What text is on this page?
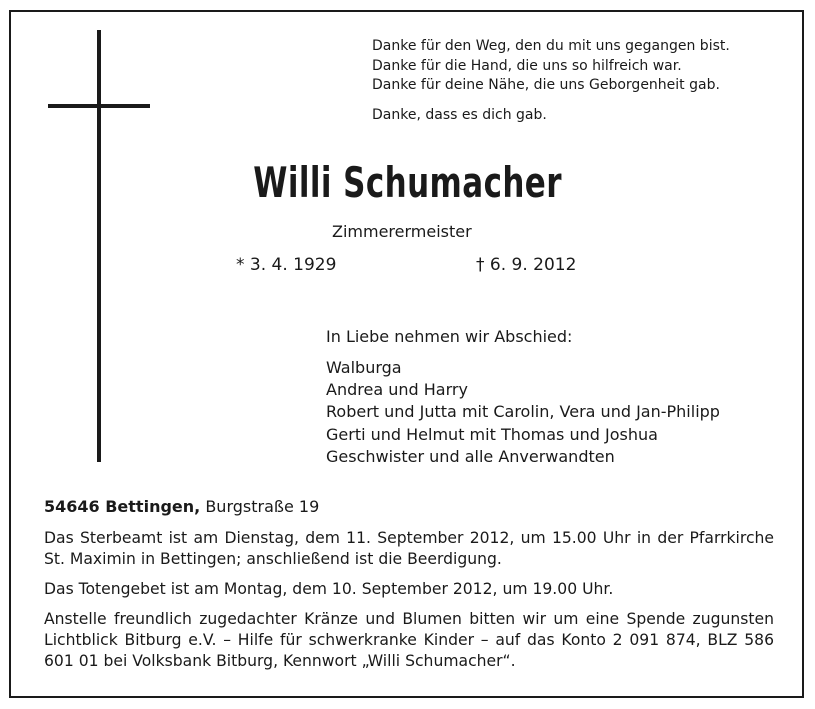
Danke für den Weg, den du mit uns gegangen bist.
Danke für die Hand, die uns so hilfreich war.
Danke für deine Nähe, die uns Geborgenheit gab.
Danke, dass es dich gab.
Willi Schumacher
Zimmerermeister
* 3. 4. 1929	† 6. 9. 2012
In Liebe nehmen wir Abschied:
Walburga
Andrea und Harry
Robert und Jutta mit Carolin, Vera und Jan-Philipp
Gerti und Helmut mit Thomas und Joshua
Geschwister und alle Anverwandten
54646 Bettingen, Burgstraße 19
Das Sterbeamt ist am Dienstag, dem 11. September 2012, um 15.00 Uhr in der Pfarrkirche St. Maximin in Bettingen; anschließend ist die Beerdigung.
Das Totengebet ist am Montag, dem 10. September 2012, um 19.00 Uhr.
Anstelle freundlich zugedachter Kränze und Blumen bitten wir um eine Spende zugunsten Lichtblick Bitburg e.V. – Hilfe für schwerkranke Kinder – auf das Konto 2 091 874, BLZ 586 601 01 bei Volksbank Bitburg, Kennwort „Willi Schumacher“.
